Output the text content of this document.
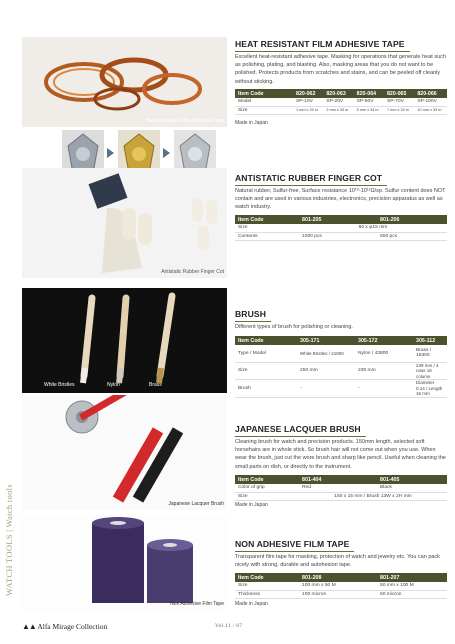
WATCH TOOLS | Watch tools
Heat Resistant Film Adhesive Tape
HEAT RESISTANT FILM ADHESIVE TAPE
Excellent heat-resistant adhesive tape. Masking for operations that generate heat such as polishing, plating, and blasting. Also, masking areas that you do not want to be polished. Protects products from scratches and stains, and can be peeled off cleanly without sticking.
Item Code	820-062	820-063	820-064	820-065	820-066
Model	SP-10V	SP-20V	SP-50V	SP-70V	SP-100V
Size	1 mm x 33 m	2 mm x 33 m	5 mm x 33 m	7 mm x 33 m	10 mm x 33 m
Made in Japan
Antistatic Rubber Finger Cot
ANTISTATIC RUBBER FINGER COT
Natural rubber, Sulfur-free, Surface resistance 10¹⁰-10¹²Ω/sp. Sulfur content does NOT contain and are used in various industries, electronics, precision apparatus as well as watch industry.
Item Code	801-205	801-206
Size	50 x φ15 mm	
Contents	1000 pcs	500 pcs
White Bristles	Nylon	Brass
BRUSH
Different types of brush for polishing or cleaning.
Item Code	305-171	305-172	305-112
Type / Model	White Bristles / 21800	Nylon / 43800	Brass / 19300
Size	250 mm	230 mm	239 mm / 4 rows 16 colums
Brush	-	-	Diameter 0.14 / Length 16 mm
Japanese Lacquer Brush
JAPANESE LACQUER BRUSH
Cleaning brush for watch and precision products. 150mm length, selected soft horsehairs are in whole stick. So brush hair will not come out when you use. When wear the brush, just cut the wore brush and sharp like pencil. Useful when cleaning the small parts on dish, or directly to the instrument.
Item Code	801-404	801-405
Color of grip	Red	Black
Size	150 x 15 mm / Brush 13W x 2H mm	
Made in Japan
Non Adhesive Film Tape
NON ADHESIVE FILM TAPE
Transparent film tape for masking, protection of watch and jewelry etc. You can pack nicely with strong, durable and autohesion tape.
Item Code	801-208	801-207
Size	100 mm x 50 M	50 mm x 100 M
Thickness	100 micron	50 micron
Made in Japan
▲▲ Alfa Mirage Collection	Vol.11 / 67
